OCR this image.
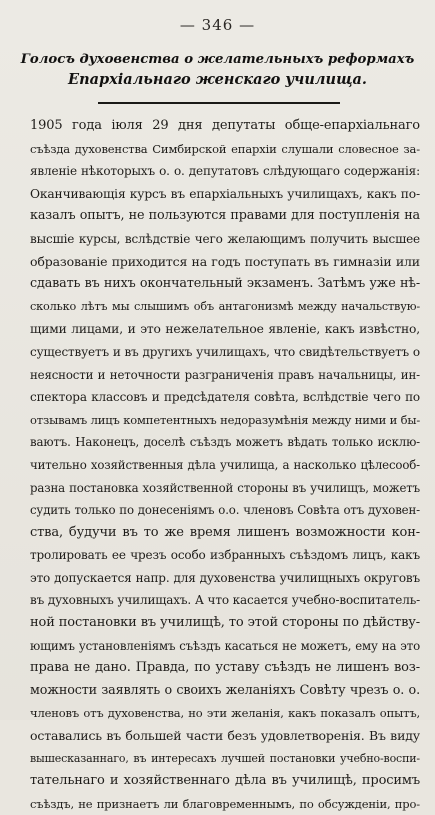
— 346 —
Голосъ духовенства о желательныхъ реформахъ
Епархіальнаго женскаго училища.
1905 года іюля 29 дня депутаты обще-епархіальнаго
съѣзда духовенства Симбирской епархіи слушали словесное за-
явленіе нѣкоторыхъ о. о. депутатовъ слѣдующаго содержанія:
Оканчивающія курсъ въ епархіальныхъ училищахъ, какъ по-
казалъ опытъ, не пользуются правами для поступленія на
высшіе курсы, вслѣдствіе чего желающимъ получить высшее
образованіе приходится на годъ поступать въ гимназіи или
сдавать въ нихъ окончательный экзаменъ. Затѣмъ уже нѣ-
сколько лѣтъ мы слышимъ объ антагонизмѣ между начальствую-
щими лицами, и это нежелательное явленіе, какъ извѣстно,
существуетъ и въ другихъ училищахъ, что свидѣтельствуетъ о
неясности и неточности разграниченія правъ начальницы, ин-
спектора классовъ и предсѣдателя совѣта, вслѣдствіе чего по
отзывамъ лицъ компетентныхъ недоразумѣнія между ними и бы-
ваютъ. Наконецъ, доселѣ съѣздъ можетъ вѣдать только исклю-
чительно хозяйственныя дѣла училища, а насколько цѣлесооб-
разна постановка хозяйственной стороны въ училищъ, можетъ
судить только по донесеніямъ о.о. членовъ Совѣта отъ духовен-
ства, будучи въ то же время лишенъ возможности кон-
тролировать ее чрезъ особо избранныхъ съѣздомъ лицъ, какъ
это допускается напр. для духовенства училищныхъ округовъ
въ духовныхъ училищахъ. А что касается учебно-воспитатель-
ной постановки въ училищѣ, то этой стороны по дѣйству-
ющимъ установленіямъ съѣздъ касаться не можетъ, ему на это
права не дано. Правда, по уставу съѣздъ не лишенъ воз-
можности заявлять о своихъ желаніяхъ Совѣту чрезъ о. о.
членовъ отъ духовенства, но эти желанія, какъ показалъ опытъ,
оставались въ большей части безъ удовлетворенія. Въ виду
вышесказаннаго, въ интересахъ лучшей постановки учебно-воспи-
тательнаго и хозяйственнаго дѣла въ училищѣ, просимъ
съѣздъ, не признаетъ ли благовременнымъ, по обсужденіи, про-
